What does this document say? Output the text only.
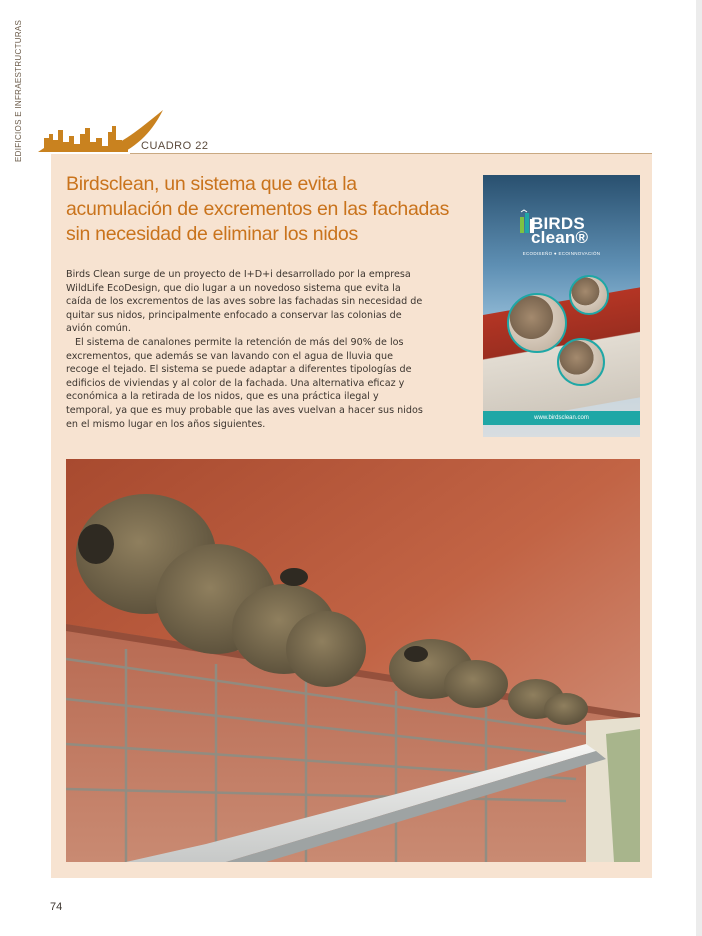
EDIFICIOS E INFRAESTRUCTURAS	CUADRO 22
Birdsclean, un sistema que evita la acumulación de excrementos en las fachadas sin necesidad de eliminar los nidos

Birds Clean surge de un proyecto de I+D+i desarrollado por la empresa WildLife EcoDesign, que dio lugar a un novedoso sistema que evita la caída de los excrementos de las aves sobre las fachadas sin necesidad de quitar sus nidos, principalmente enfocado a conservar las colonias de avión común.

El sistema de canalones permite la retención de más del 90% de los excrementos, que además se van lavando con el agua de lluvia que recoge el tejado. El sistema se puede adaptar a diferentes tipologías de edificios de viviendas y al color de la fachada. Una alternativa eficaz y económica a la retirada de los nidos, que es una práctica ilegal y temporal, ya que es muy probable que las aves vuelvan a hacer sus nidos en el mismo lugar en los años siguientes.

BIRDS
clean®
ECODISEÑO ● ECOINNOVACIÓN
www.birdsclean.com
74
